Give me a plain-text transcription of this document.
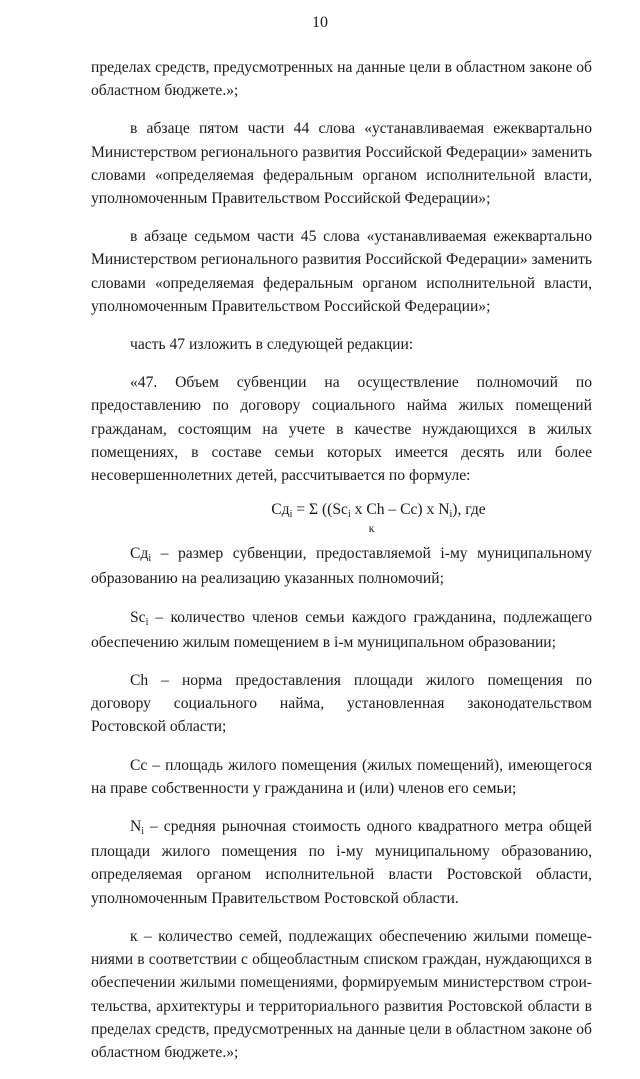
10

пределах средств, предусмотренных на данные цели в областном законе об областном бюджете.»;

в абзаце пятом части 44 слова «устанавливаемая ежеквартально Министерством регионального развития Российской Федерации» заменить словами «определяемая федеральным органом исполнительной власти, уполномоченным Правительством Российской Федерации»;

в абзаце седьмом части 45 слова «устанавливаемая ежеквартально Министерством регионального развития Российской Федерации» заменить словами «определяемая федеральным органом исполнительной власти, уполномоченным Правительством Российской Федерации»;

часть 47 изложить в следующей редакции:

«47. Объем субвенции на осуществление полномочий по предоставлению по договору социального найма жилых помещений гражданам, состоящим на учете в качестве нуждающихся в жилых помещениях, в составе семьи которых имеется десять или более несовершеннолетних детей, рассчитывается по формуле:

$Сд_i = \Sigma$ (($Sc_i$ х Ch – Cc) х $N_i$), где
к

$Сд_i$ – размер субвенции, предоставляемой i-му муниципальному образованию на реализацию указанных полномочий;

$Sc_i$ – количество членов семьи каждого гражданина, подлежащего обеспечению жилым помещением в i-м муниципальном образовании;

Ch – норма предоставления площади жилого помещения по договору социального найма, установленная законодательством Ростовской области;

Cc – площадь жилого помещения (жилых помещений), имеющегося на праве собственности у гражданина и (или) членов его семьи;

$N_i$ – средняя рыночная стоимость одного квадратного метра общей площади жилого помещения по i-му муниципальному образованию, определяемая органом исполнительной власти Ростовской области, уполномоченным Правительством Ростовской области.

к – количество семей, подлежащих обеспечению жилыми помещениями в соответствии с общеобластным списком граждан, нуждающихся в обеспечении жилыми помещениями, формируемым министерством строительства, архитектуры и территориального развития Ростовской области в пределах средств, предусмотренных на данные цели в областном законе об областном бюджете.»;
